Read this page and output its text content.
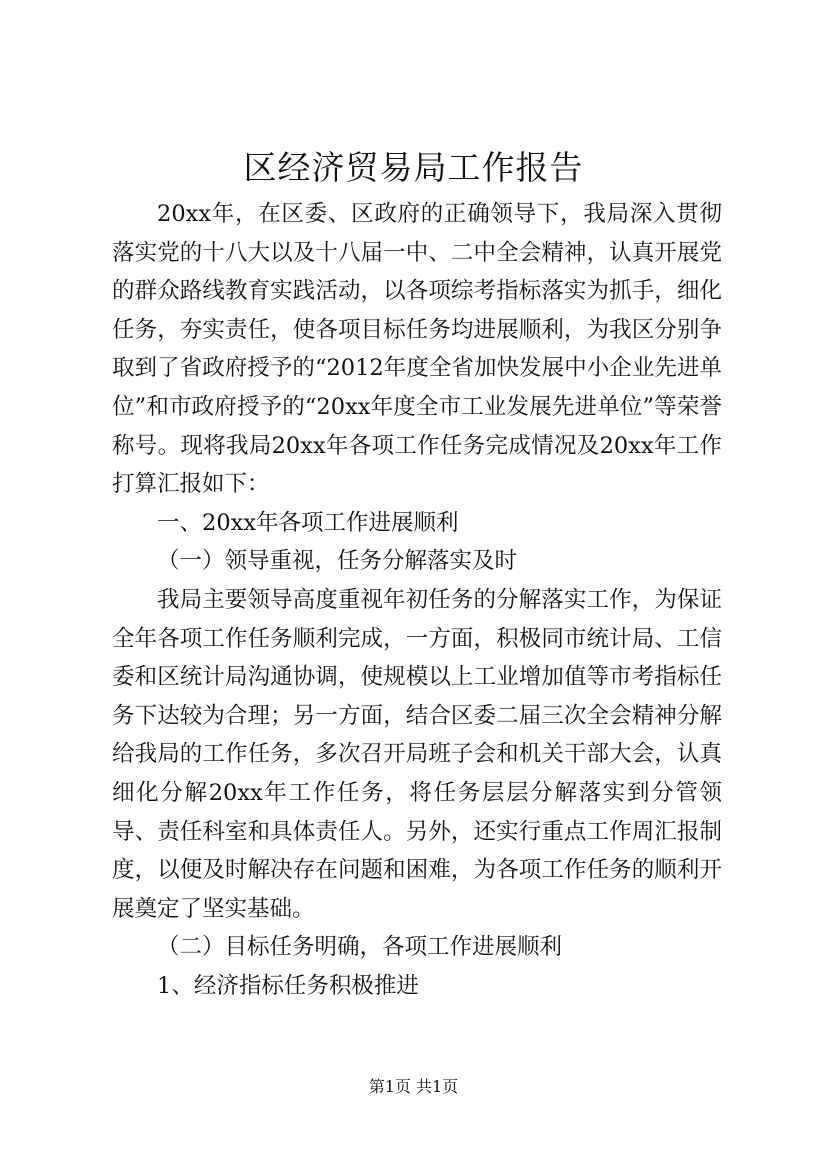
区经济贸易局工作报告

20xx年，在区委、区政府的正确领导下，我局深入贯彻落实党的十八大以及十八届一中、二中全会精神，认真开展党的群众路线教育实践活动，以各项综考指标落实为抓手，细化任务，夯实责任，使各项目标任务均进展顺利，为我区分别争取到了省政府授予的“2012年度全省加快发展中小企业先进单位”和市政府授予的“20xx年度全市工业发展先进单位”等荣誉称号。现将我局20xx年各项工作任务完成情况及20xx年工作打算汇报如下：

一、20xx年各项工作进展顺利

（一）领导重视，任务分解落实及时

我局主要领导高度重视年初任务的分解落实工作，为保证全年各项工作任务顺利完成，一方面，积极同市统计局、工信委和区统计局沟通协调，使规模以上工业增加值等市考指标任务下达较为合理；另一方面，结合区委二届三次全会精神分解给我局的工作任务，多次召开局班子会和机关干部大会，认真细化分解20xx年工作任务，将任务层层分解落实到分管领导、责任科室和具体责任人。另外，还实行重点工作周汇报制度，以便及时解决存在问题和困难，为各项工作任务的顺利开展奠定了坚实基础。

（二）目标任务明确，各项工作进展顺利

1、经济指标任务积极推进

第1页 共1页
